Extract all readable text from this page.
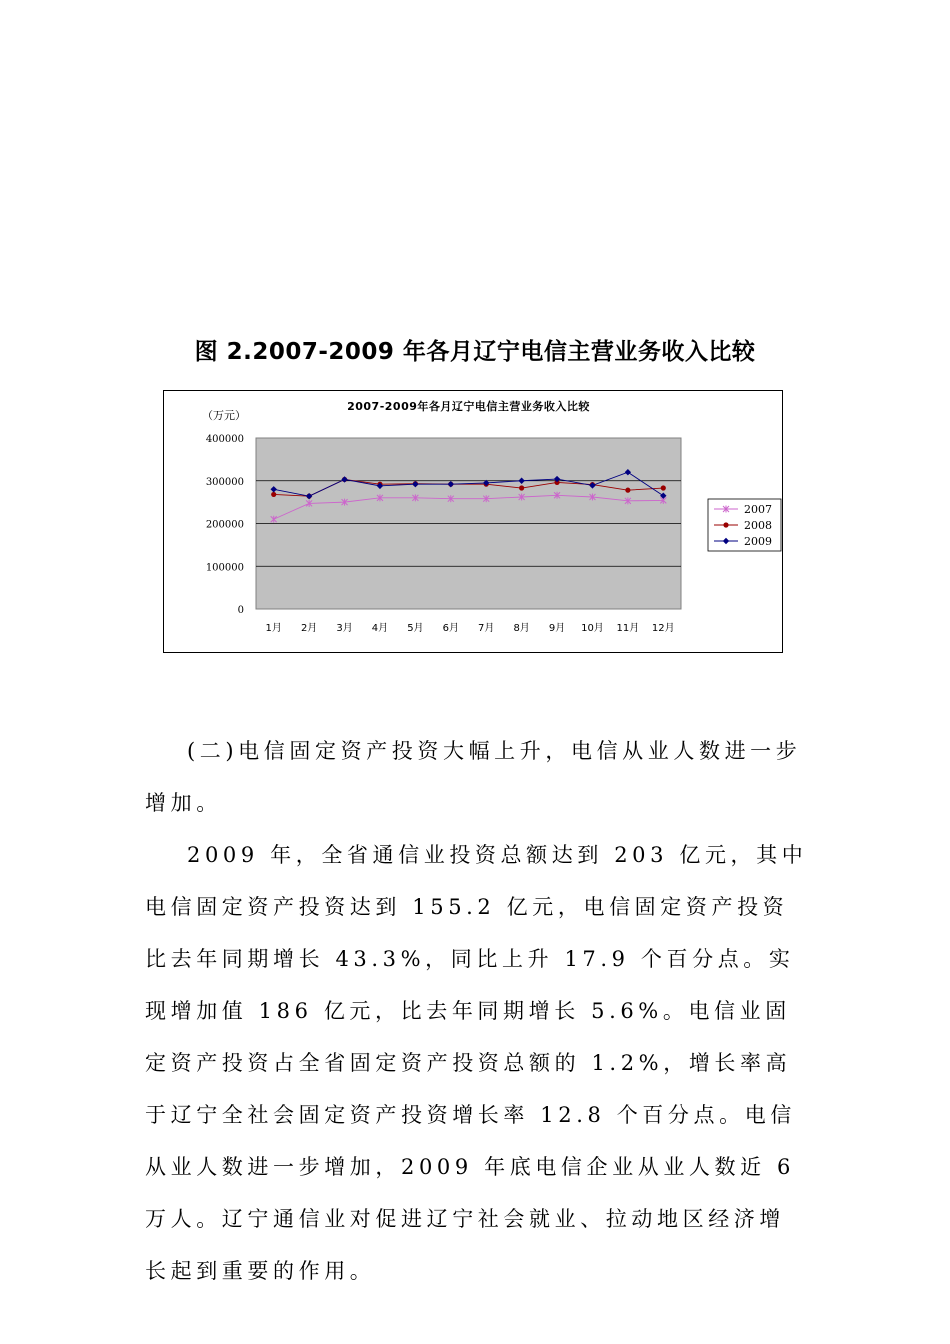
图 2.2007-2009 年各月辽宁电信主营业务收入比较
2007-2009年各月辽宁电信主营业务收入比较
（万元）
0
100000
200000
300000
400000
1月 2月 3月 4月 5月 6月 7月 8月 9月 10月 11月 12月
2007
2008
2009

(二)电信固定资产投资大幅上升，电信从业人数进一步增加。

2009 年，全省通信业投资总额达到 203 亿元，其中电信固定资产投资达到 155.2 亿元，电信固定资产投资比去年同期增长 43.3%，同比上升 17.9 个百分点。实现增加值 186 亿元，比去年同期增长 5.6%。电信业固定资产投资占全省固定资产投资总额的 1.2%，增长率高于辽宁全社会固定资产投资增长率 12.8 个百分点。电信从业人数进一步增加，2009 年底电信企业从业人数近 6 万人。辽宁通信业对促进辽宁社会就业、拉动地区经济增长起到重要的作用。
